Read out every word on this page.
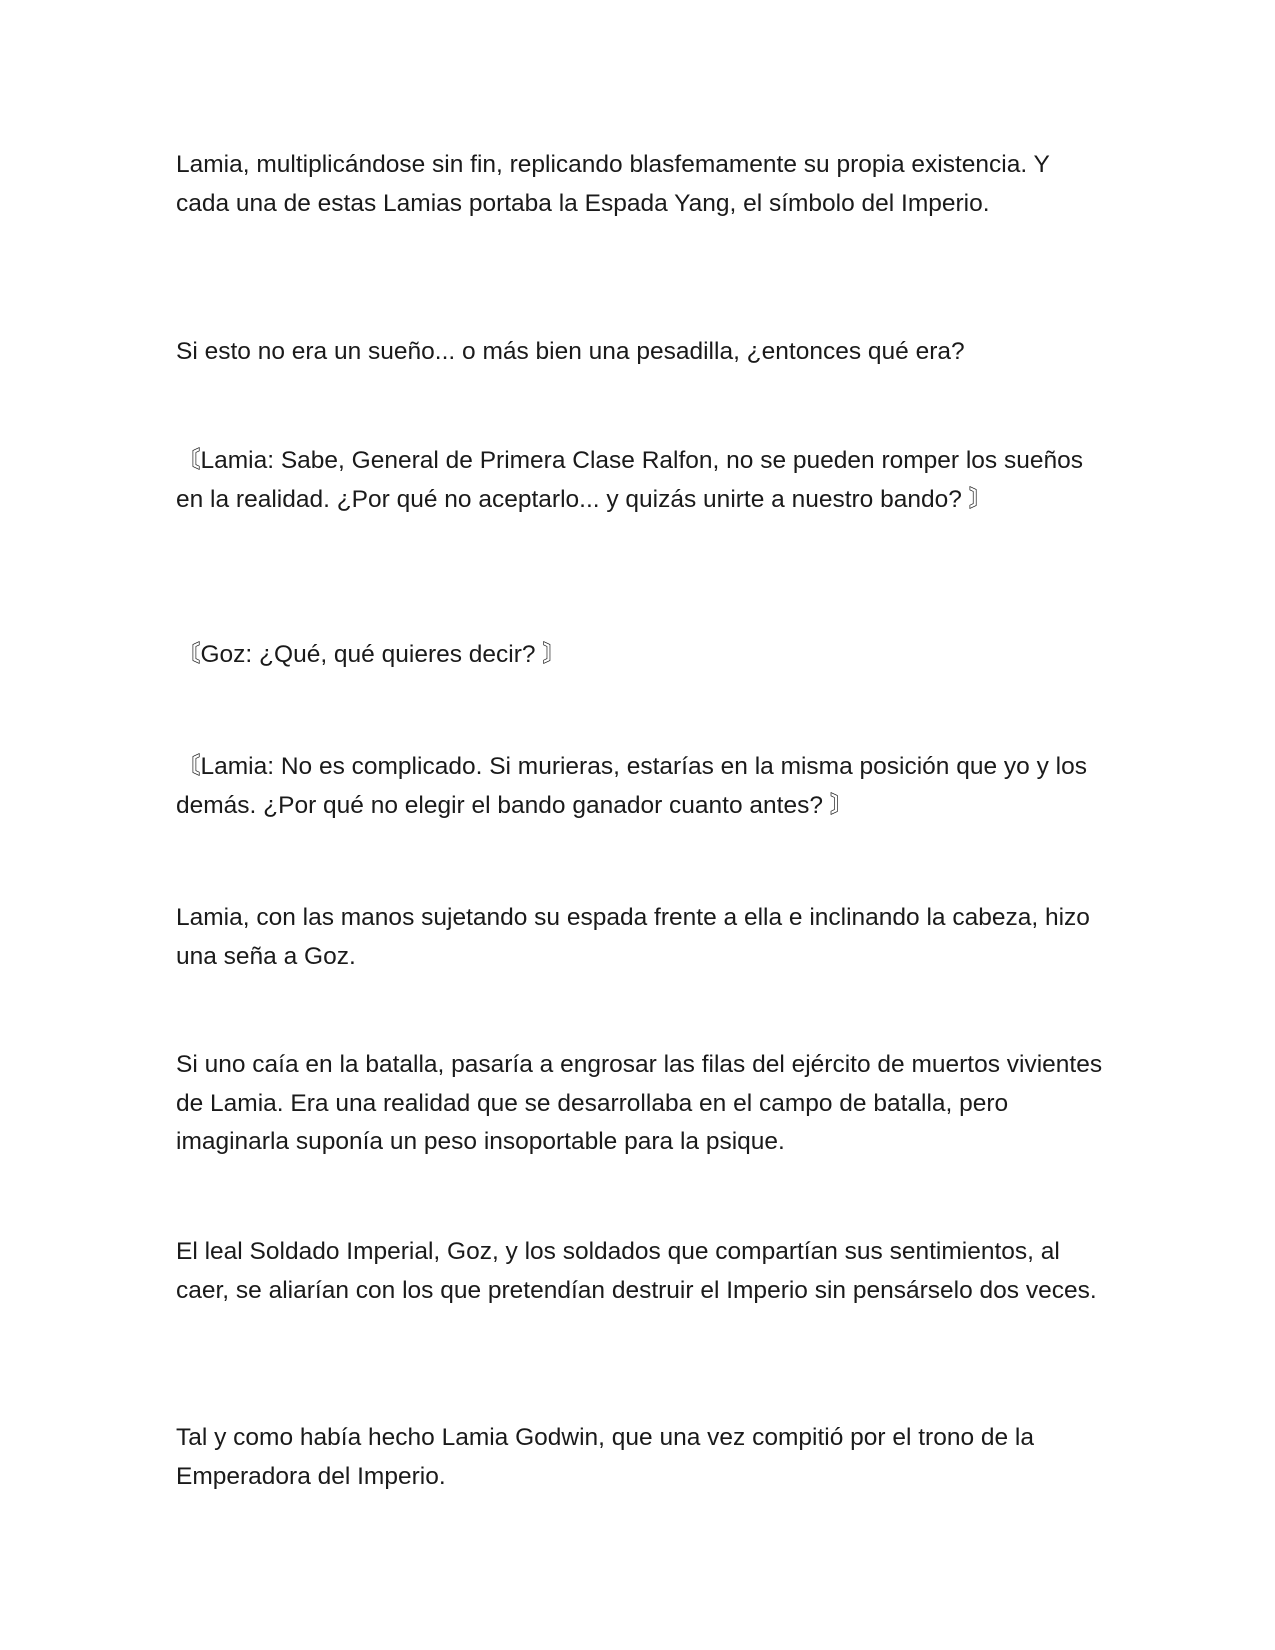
Lamia, multiplicándose sin fin, replicando blasfemamente su propia existencia. Y cada una de estas Lamias portaba la Espada Yang, el símbolo del Imperio.

Si esto no era un sueño... o más bien una pesadilla, ¿entonces qué era?

〘Lamia: Sabe, General de Primera Clase Ralfon, no se pueden romper los sueños en la realidad. ¿Por qué no aceptarlo... y quizás unirte a nuestro bando? 〙

〘Goz: ¿Qué, qué quieres decir? 〙

〘Lamia: No es complicado. Si murieras, estarías en la misma posición que yo y los demás. ¿Por qué no elegir el bando ganador cuanto antes? 〙

Lamia, con las manos sujetando su espada frente a ella e inclinando la cabeza, hizo una seña a Goz.

Si uno caía en la batalla, pasaría a engrosar las filas del ejército de muertos vivientes de Lamia. Era una realidad que se desarrollaba en el campo de batalla, pero imaginarla suponía un peso insoportable para la psique.

El leal Soldado Imperial, Goz, y los soldados que compartían sus sentimientos, al caer, se aliarían con los que pretendían destruir el Imperio sin pensárselo dos veces.

Tal y como había hecho Lamia Godwin, que una vez compitió por el trono de la Emperadora del Imperio.
